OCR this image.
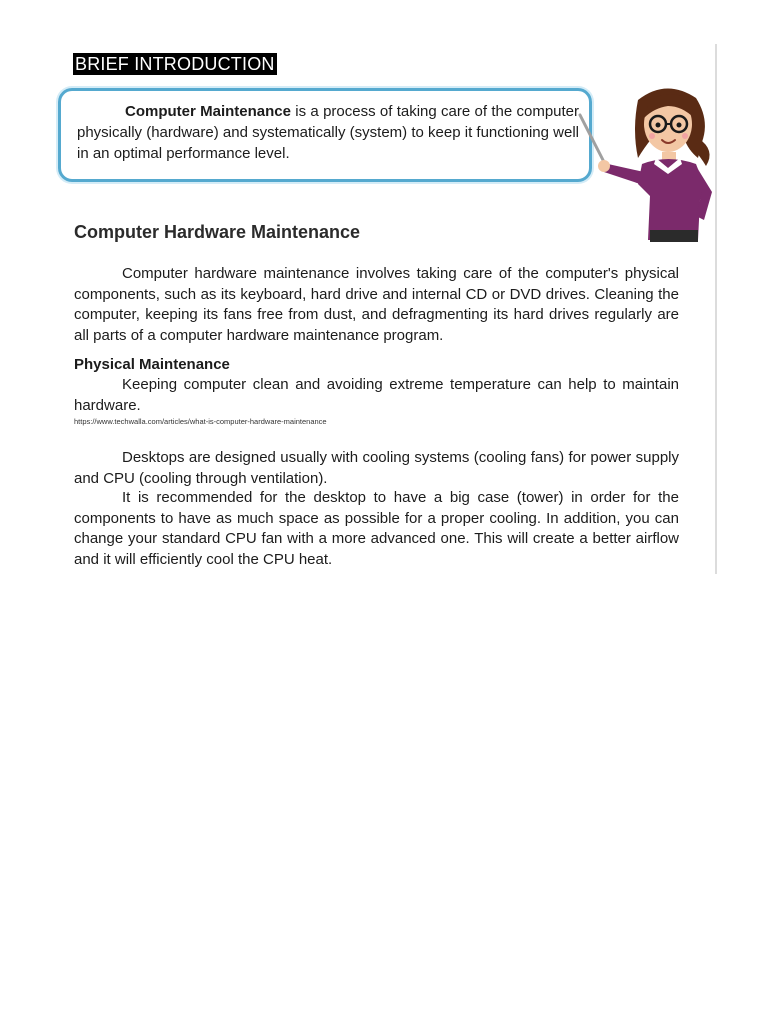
BRIEF INTRODUCTION
Computer Maintenance is a process of taking care of the computer physically (hardware) and systematically (system) to keep it functioning well in an optimal performance level.
Computer Hardware Maintenance

Computer hardware maintenance involves taking care of the computer's physical components, such as its keyboard, hard drive and internal CD or DVD drives. Cleaning the computer, keeping its fans free from dust, and defragmenting its hard drives regularly are all parts of a computer hardware maintenance program.

Physical Maintenance

Keeping computer clean and avoiding extreme temperature can help to maintain hardware.

https://www.techwalla.com/articles/what-is-computer-hardware-maintenance

Desktops are designed usually with cooling systems (cooling fans) for power supply and CPU (cooling through ventilation).

It is recommended for the desktop to have a big case (tower) in order for the components to have as much space as possible for a proper cooling. In addition, you can change your standard CPU fan with a more advanced one. This will create a better airflow and it will efficiently cool the CPU heat.
